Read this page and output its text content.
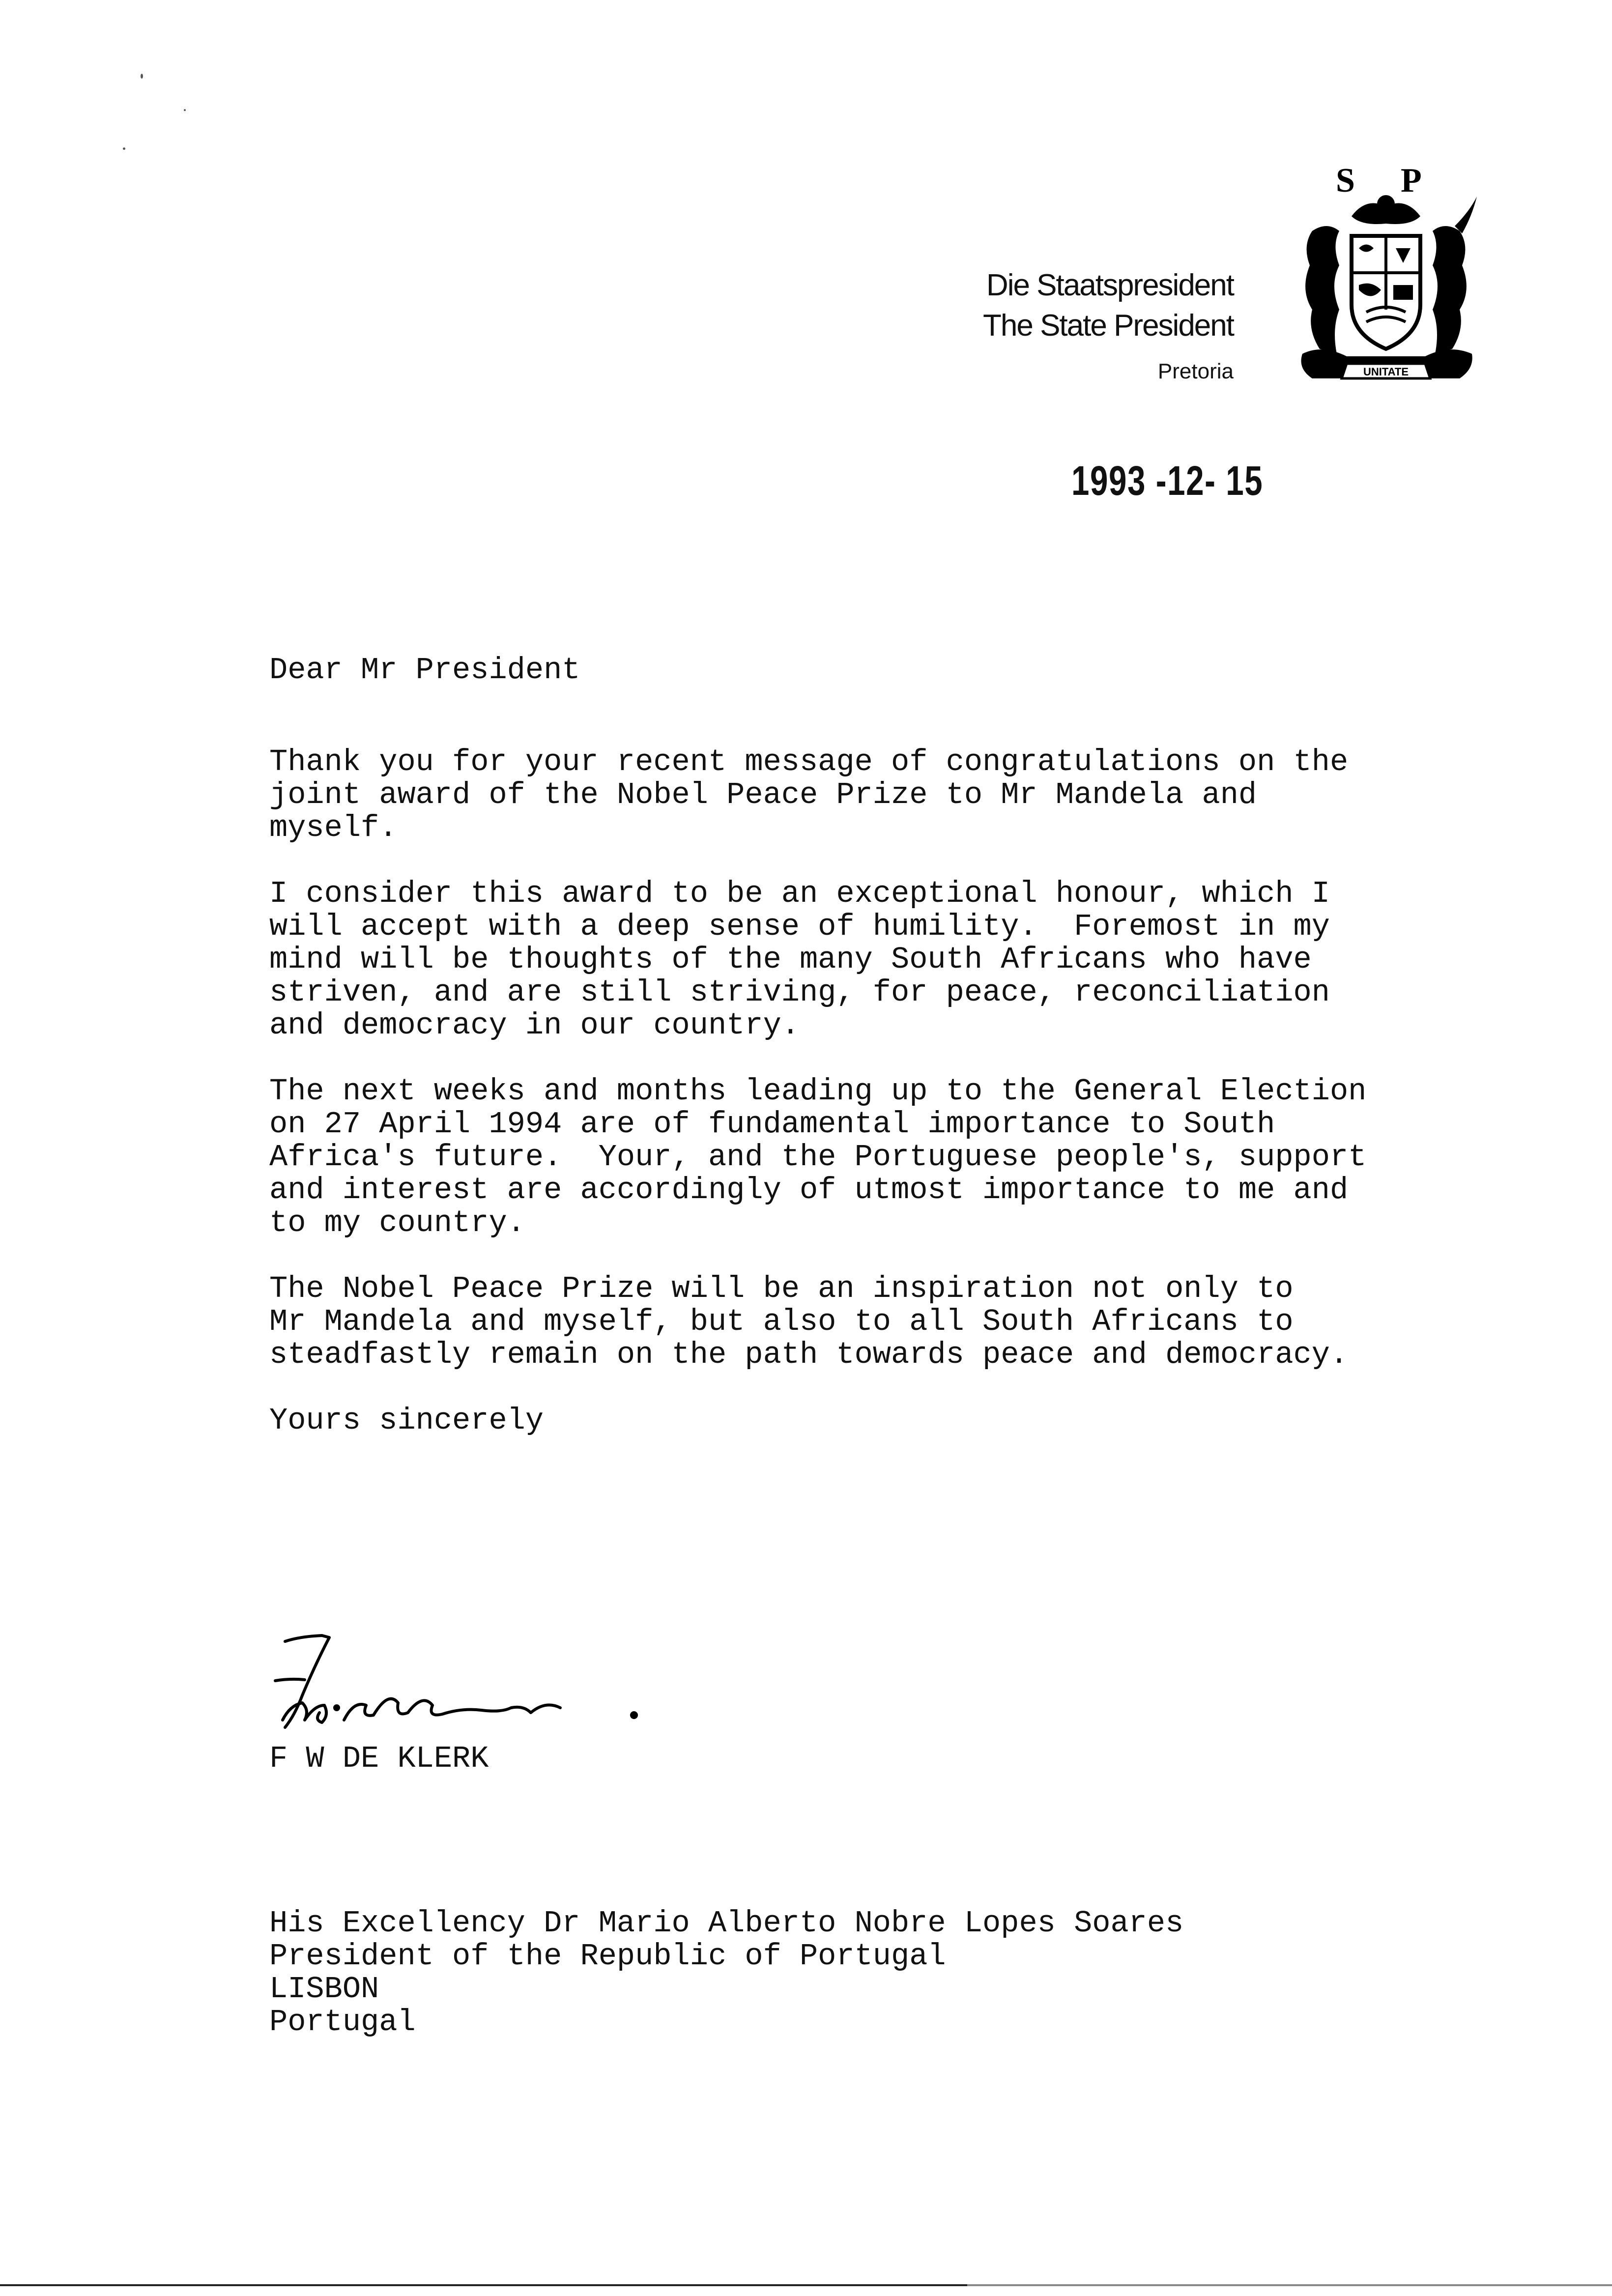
Die Staatspresident
The State President
Pretoria
S P
UNITATE
1993 -12- 15

Dear Mr President

Thank you for your recent message of congratulations on the
joint award of the Nobel Peace Prize to Mr Mandela and
myself.

I consider this award to be an exceptional honour, which I
will accept with a deep sense of humility.  Foremost in my
mind will be thoughts of the many South Africans who have
striven, and are still striving, for peace, reconciliation
and democracy in our country.

The next weeks and months leading up to the General Election
on 27 April 1994 are of fundamental importance to South
Africa's future.  Your, and the Portuguese people's, support
and interest are accordingly of utmost importance to me and
to my country.

The Nobel Peace Prize will be an inspiration not only to
Mr Mandela and myself, but also to all South Africans to
steadfastly remain on the path towards peace and democracy.

Yours sincerely

F W DE KLERK
His Excellency Dr Mario Alberto Nobre Lopes Soares
President of the Republic of Portugal
LISBON
Portugal
